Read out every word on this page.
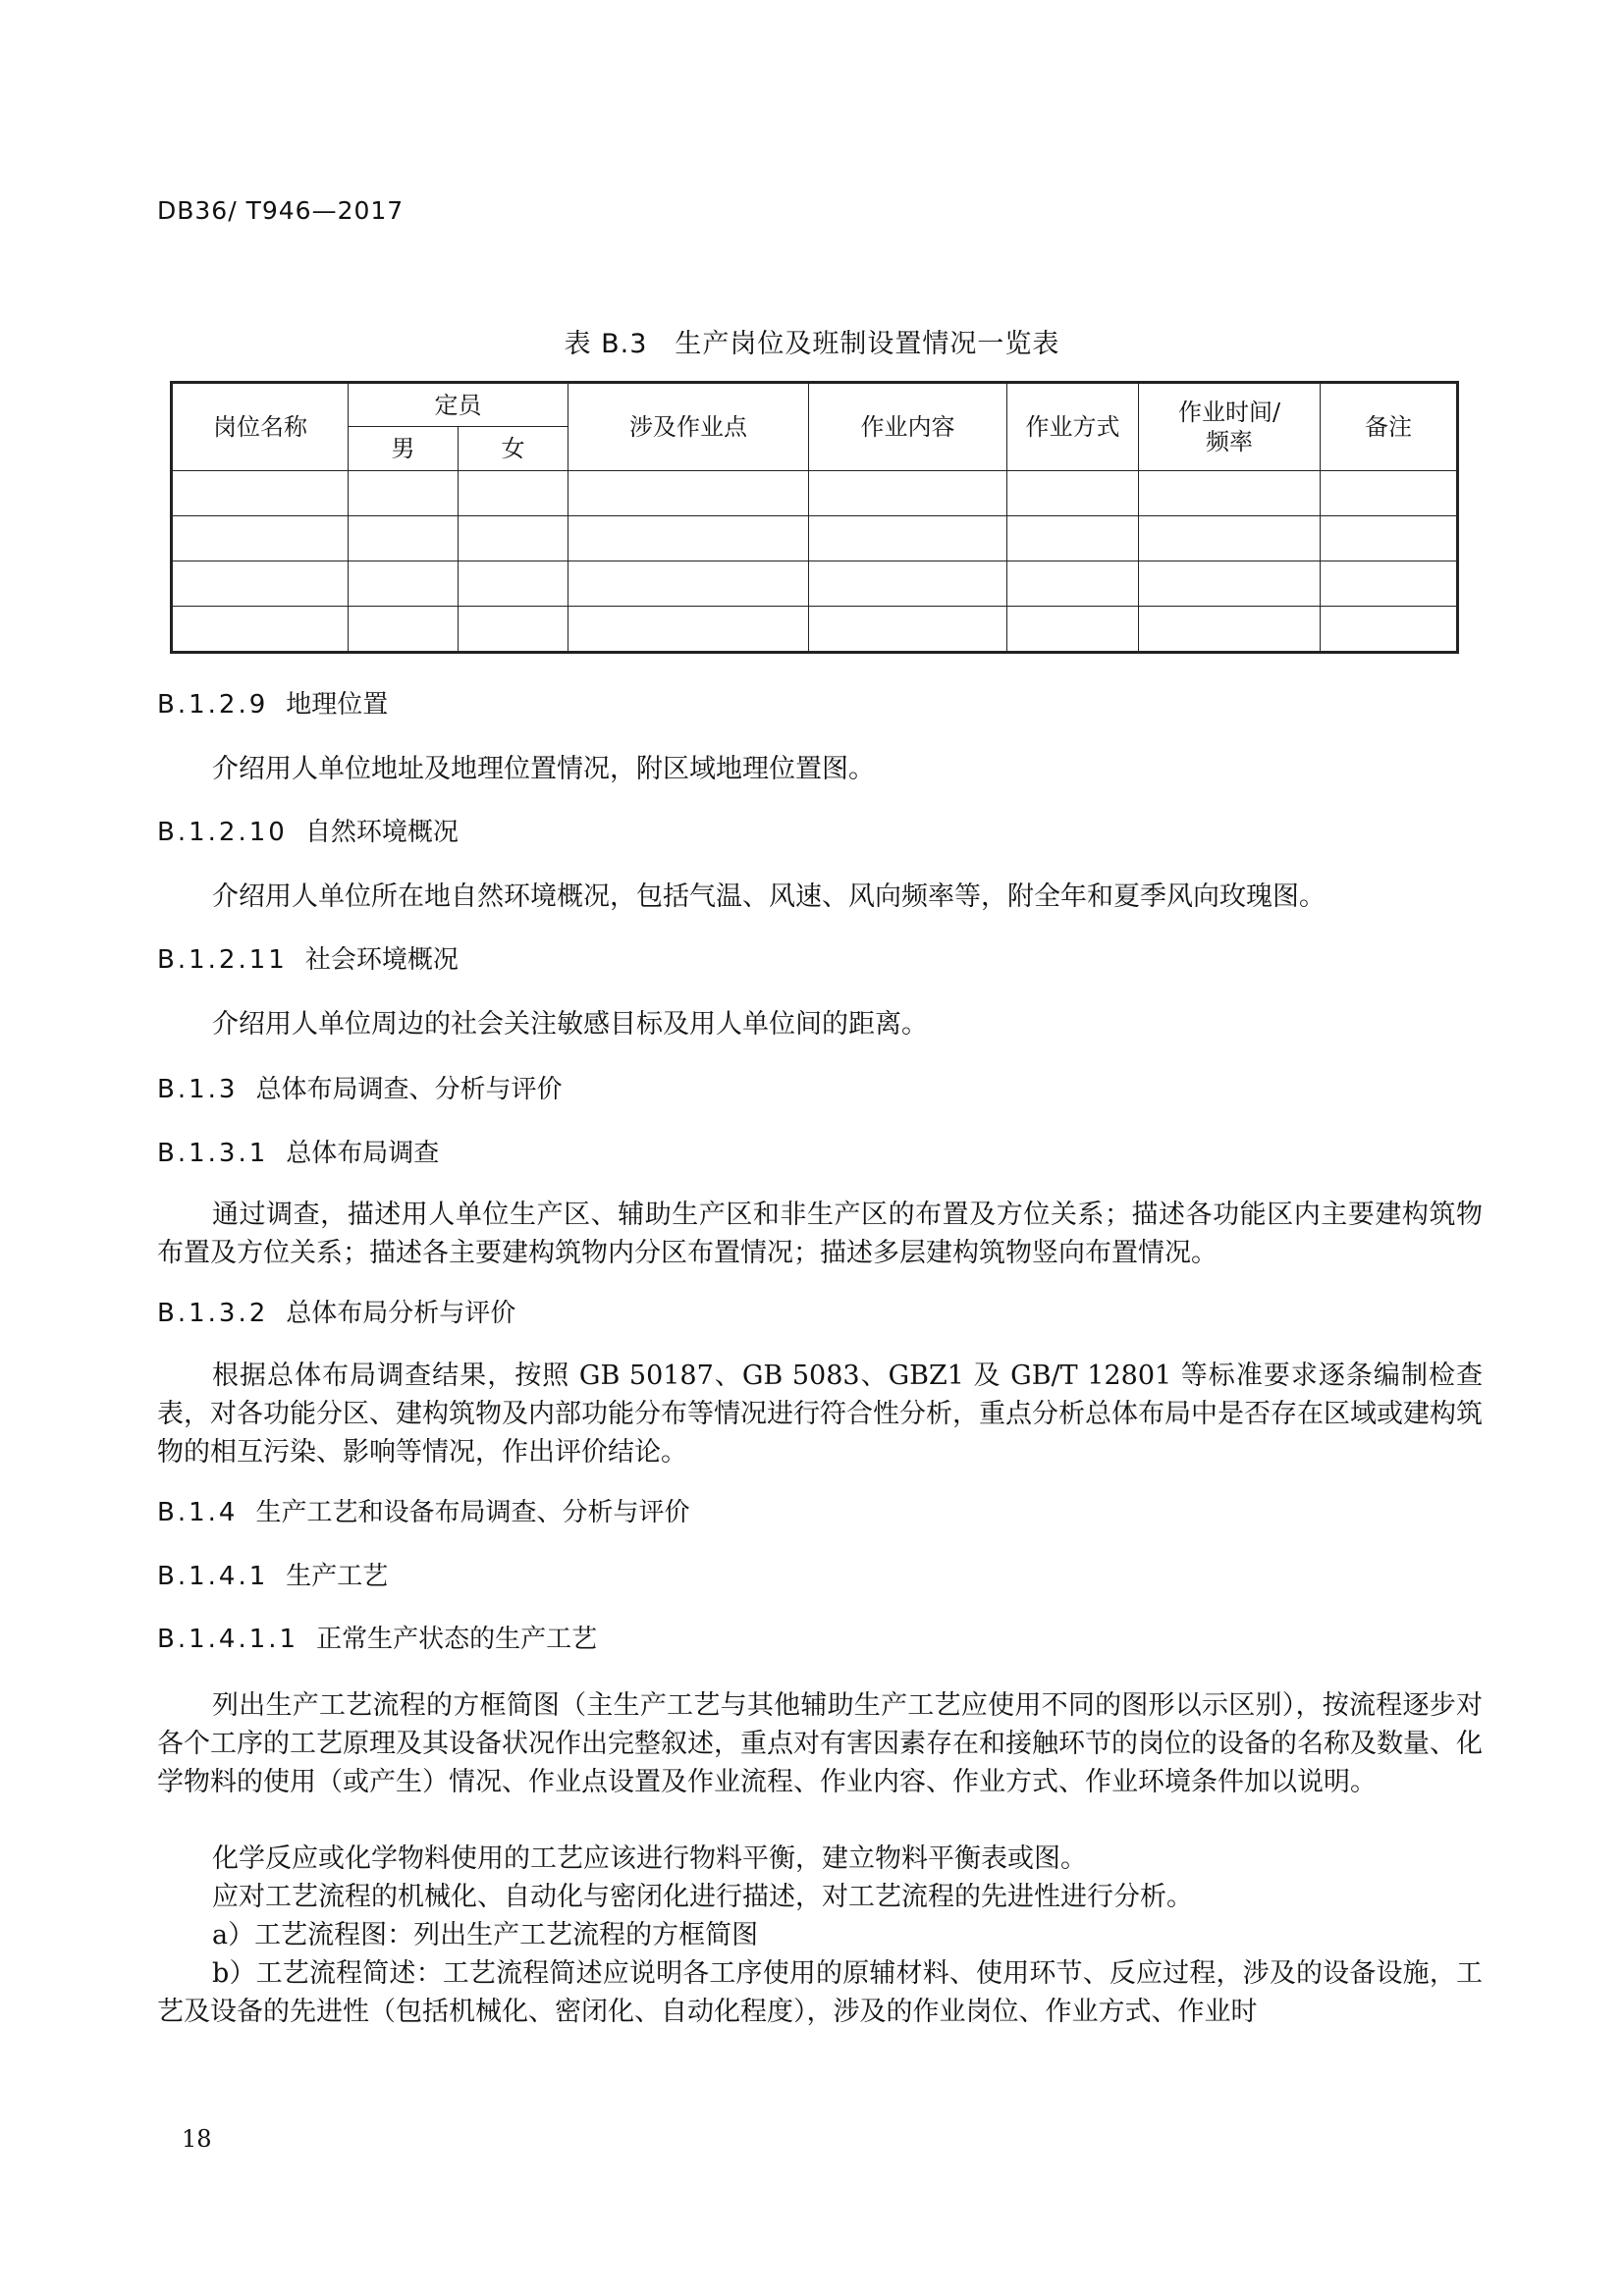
DB36/ T946—2017
表 B.3　生产岗位及班制设置情况一览表
岗位名称	定员		涉及作业点	作业内容	作业方式	作业时间/频率	备注
	男	女					

B.1.2.9 地理位置

介绍用人单位地址及地理位置情况，附区域地理位置图。

B.1.2.10 自然环境概况

介绍用人单位所在地自然环境概况，包括气温、风速、风向频率等，附全年和夏季风向玫瑰图。

B.1.2.11 社会环境概况

介绍用人单位周边的社会关注敏感目标及用人单位间的距离。

B.1.3 总体布局调查、分析与评价
B.1.3.1 总体布局调查

通过调查，描述用人单位生产区、辅助生产区和非生产区的布置及方位关系；描述各功能区内主要建构筑物布置及方位关系；描述各主要建构筑物内分区布置情况；描述多层建构筑物竖向布置情况。

B.1.3.2 总体布局分析与评价

根据总体布局调查结果，按照 GB 50187、GB 5083、GBZ1 及 GB/T 12801 等标准要求逐条编制检查表，对各功能分区、建构筑物及内部功能分布等情况进行符合性分析，重点分析总体布局中是否存在区域或建构筑物的相互污染、影响等情况，作出评价结论。

B.1.4 生产工艺和设备布局调查、分析与评价
B.1.4.1 生产工艺
B.1.4.1.1 正常生产状态的生产工艺

列出生产工艺流程的方框简图（主生产工艺与其他辅助生产工艺应使用不同的图形以示区别），按流程逐步对各个工序的工艺原理及其设备状况作出完整叙述，重点对有害因素存在和接触环节的岗位的设备的名称及数量、化学物料的使用（或产生）情况、作业点设置及作业流程、作业内容、作业方式、作业环境条件加以说明。

化学反应或化学物料使用的工艺应该进行物料平衡，建立物料平衡表或图。

应对工艺流程的机械化、自动化与密闭化进行描述，对工艺流程的先进性进行分析。

a）工艺流程图：列出生产工艺流程的方框简图

b）工艺流程简述：工艺流程简述应说明各工序使用的原辅材料、使用环节、反应过程，涉及的设备设施，工艺及设备的先进性（包括机械化、密闭化、自动化程度），涉及的作业岗位、作业方式、作业时

18
